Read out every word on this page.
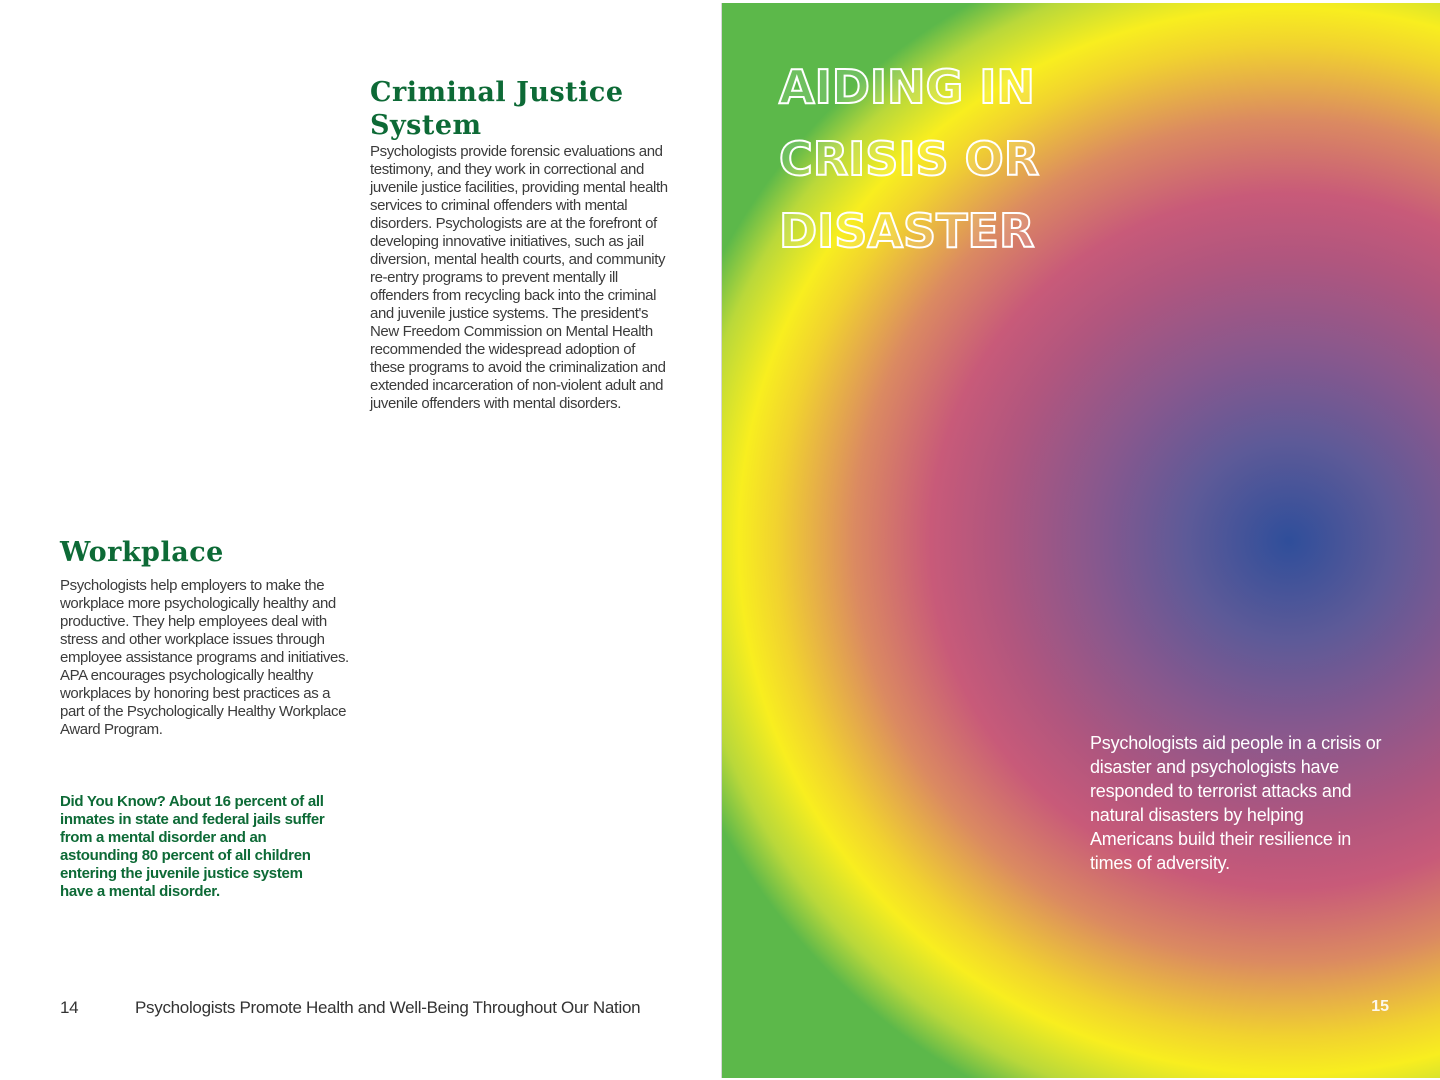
Criminal Justice
System

Psychologists provide forensic evaluations and testimony, and they work in correctional and juvenile justice facilities, providing mental health services to criminal offenders with mental disorders. Psychologists are at the forefront of developing innovative initiatives, such as jail diversion, mental health courts, and community re-entry programs to prevent mentally ill offenders from recycling back into the criminal and juvenile justice systems. The president's New Freedom Commission on Mental Health recommended the widespread adoption of these programs to avoid the criminalization and extended incarceration of non-violent adult and juvenile offenders with mental disorders.

Workplace

Psychologists help employers to make the workplace more psychologically healthy and productive. They help employees deal with stress and other workplace issues through employee assistance programs and initiatives. APA encourages psychologically healthy workplaces by honoring best practices as a part of the Psychologically Healthy Workplace Award Program.

Did You Know? About 16 percent of all inmates in state and federal jails suffer from a mental disorder and an astounding 80 percent of all children entering the juvenile justice system have a mental disorder.

14	Psychologists Promote Health and Well-Being Throughout Our Nation
AIDING IN
CRISIS OR
DISASTER

Psychologists aid people in a crisis or disaster and psychologists have responded to terrorist attacks and natural disasters by helping Americans build their resilience in times of adversity.

15
